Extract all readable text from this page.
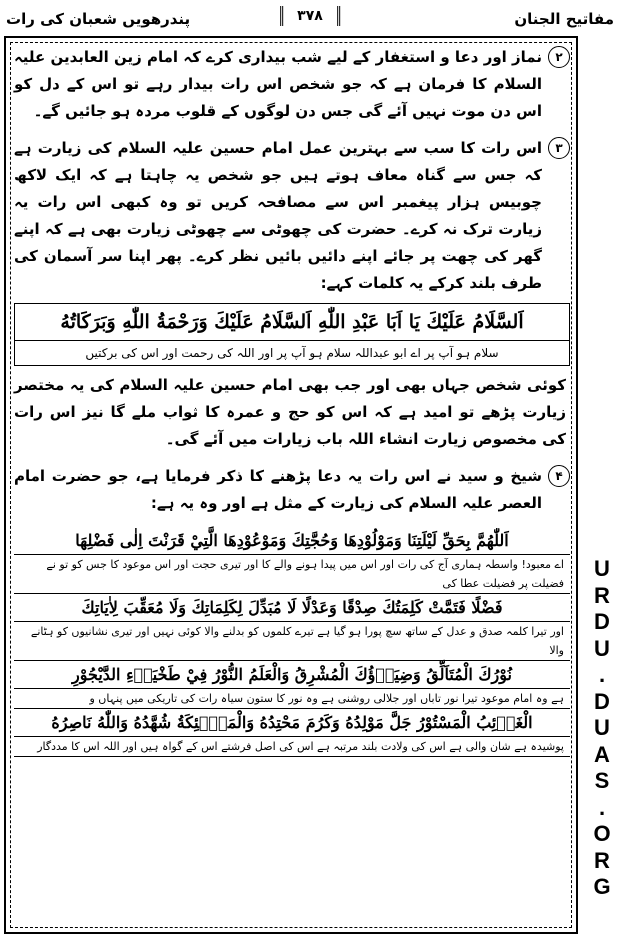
مفاتیح الجنان
۳۷۸
پندرھویں شعبان کی رات

۲
نماز اور دعا و استغفار کے لیے شب بیداری کرے کہ امام زین العابدین علیہ السلام کا فرمان ہے کہ جو شخص اس رات بیدار رہے تو اس کے دل کو اس دن موت نہیں آئے گی جس دن لوگوں کے قلوب مردہ ہو جائیں گے۔

۳
اس رات کا سب سے بہترین عمل امام حسین علیہ السلام کی زیارت ہے کہ جس سے گناہ معاف ہوتے ہیں جو شخص یہ چاہتا ہے کہ ایک لاکھ چوبیس ہزار پیغمبر اس سے مصافحہ کریں تو وہ کبھی اس رات یہ زیارت ترک نہ کرے۔ حضرت کی چھوٹی سے چھوٹی زیارت بھی ہے کہ اپنے گھر کی چھت پر جائے اپنے دائیں بائیں نظر کرے۔ پھر اپنا سر آسمان کی طرف بلند کرکے یہ کلمات کہے:

اَلسَّلَامُ عَلَيْكَ يَا اَبَا عَبْدِ اللّٰهِ اَلسَّلَامُ عَلَيْكَ وَرَحْمَةُ اللّٰهِ وَبَرَكَاتُهُ
سلام ہو آپ پر اے ابو عبداللہ سلام ہو آپ پر اور اللہ کی رحمت اور اس کی برکتیں

کوئی شخص جہاں بھی اور جب بھی امام حسین علیہ السلام کی یہ مختصر زیارت پڑھے تو امید ہے کہ اس کو حج و عمرہ کا ثواب ملے گا نیز اس رات کی مخصوص زیارت انشاء اللہ باب زیارات میں آئے گی۔

۴
شیخ و سید نے اس رات یہ دعا پڑھنے کا ذکر فرمایا ہے، جو حضرت امام العصر علیہ السلام کی زیارت کے مثل ہے اور وہ یہ ہے:

اَللّٰهُمَّ بِحَقِّ لَيْلَتِنَا وَمَوْلُوْدِهَا وَحُجَّتِكَ وَمَوْعُوْدِهَا الَّتِيْ قَرَنْتَ اِلٰى فَضْلِهَا

اے معبود! واسطہ ہماری آج کی رات اور اس میں پیدا ہونے والے کا اور تیری حجت اور اس موعود کا جس کو تو نے فضیلت پر فضیلت عطا کی

فَضْلًا فَتَمَّتْ كَلِمَتُكَ صِدْقًا وَعَدْلًا لَا مُبَدِّلَ لِكَلِمَاتِكَ وَلَا مُعَقِّبَ لِاٰيَاتِكَ

اور تیرا کلمہ صدق و عدل کے ساتھ سچ پورا ہو گیا ہے تیرے کلموں کو بدلنے والا کوئی نہیں اور تیری نشانیوں کو ہٹانے والا

نُوْرُكَ الْمُتَاَلِّقُ وَضِيَاۤؤُكَ الْمُشْرِقُ وَالْعَلَمُ النُّوْرُ فِيْ طَخْيَاۤءِ الدَّيْجُوْرِ

ہے وہ امام موعود تیرا نور تاباں اور جلالی روشنی ہے وہ نور کا ستون سیاہ رات کی تاریکی میں پنہاں و

الْغَاۤئِبُ الْمَسْتُوْرُ جَلَّ مَوْلِدُهُ وَكَرُمَ مَحْتِدُهُ وَالْمَلٰۤئِكَةُ شُهَّدُهُ وَاللّٰهُ نَاصِرُهُ

پوشیدہ ہے شان والی ہے اس کی ولادت بلند مرتبہ ہے اس کی اصل فرشتے اس کے گواہ ہیں اور اللہ اس کا مددگار

U
R
D
U
.
D
U
A
S
.
O
R
G
